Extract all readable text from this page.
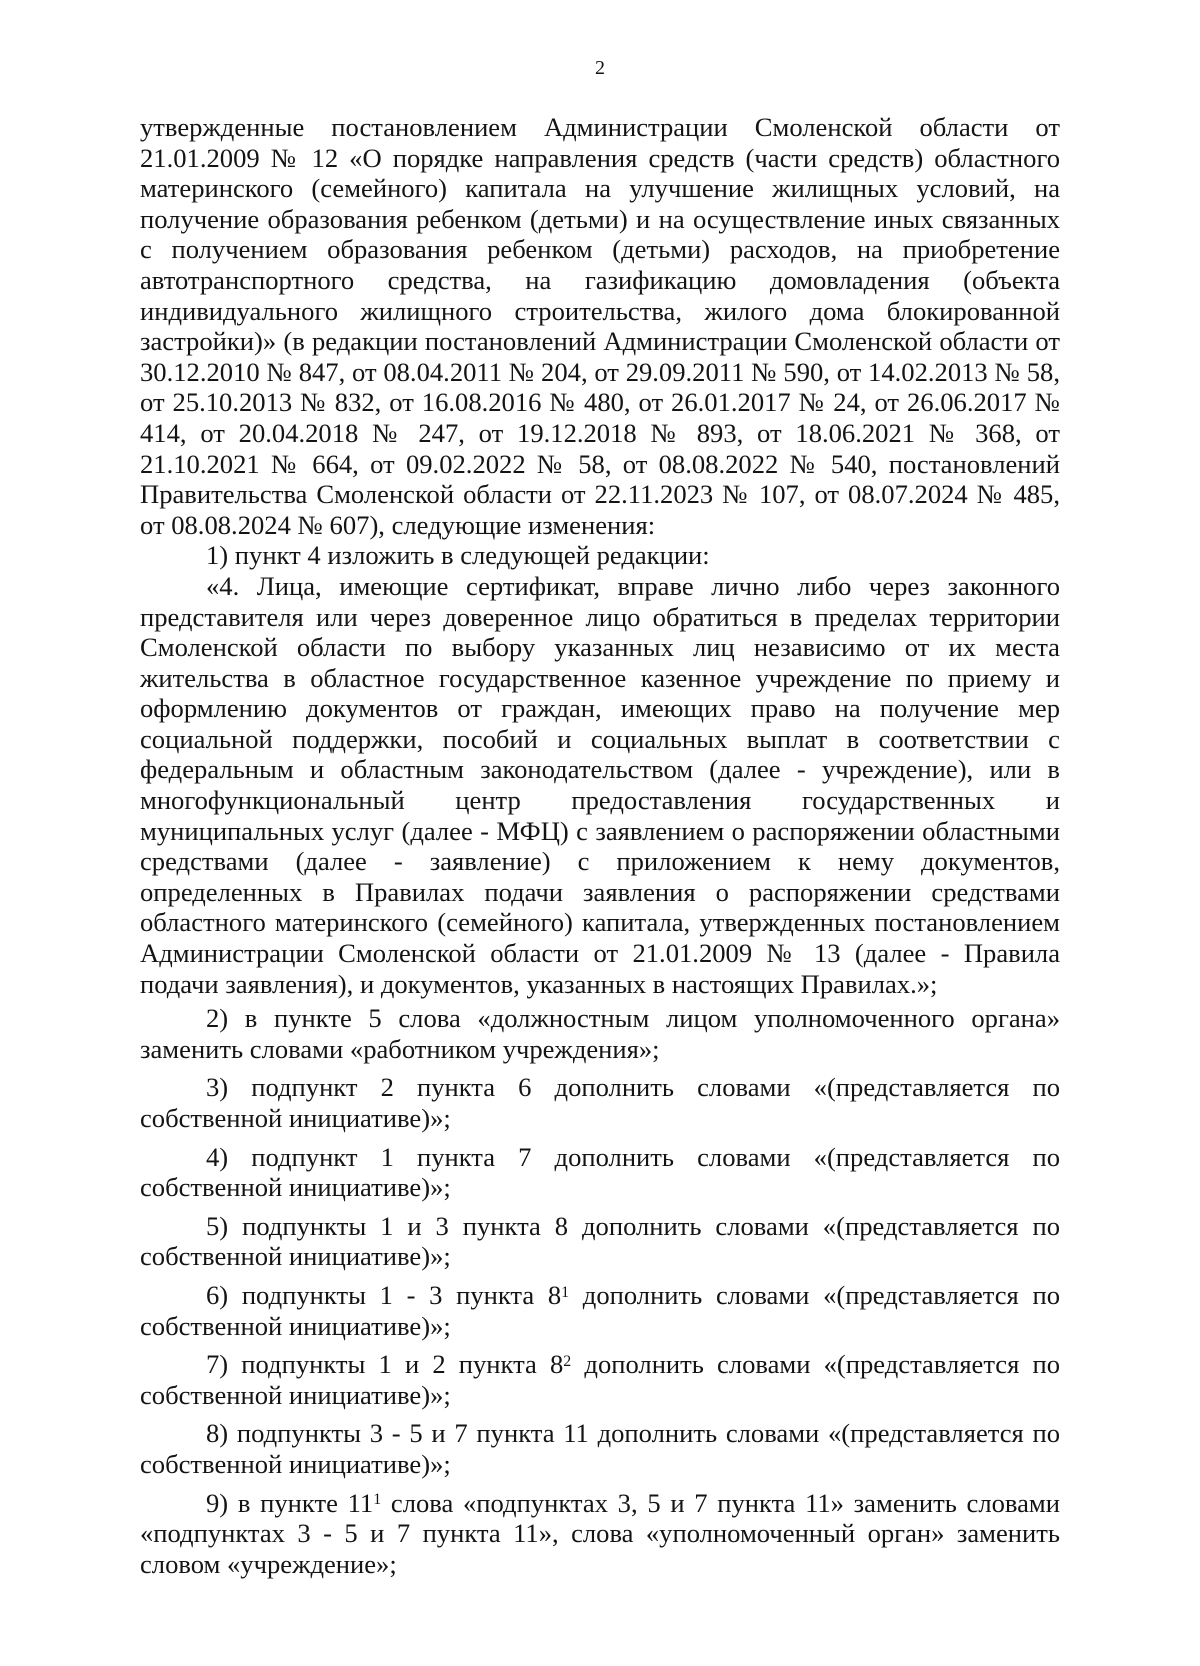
2

утвержденные постановлением Администрации Смоленской области от 21.01.2009 № 12 «О порядке направления средств (части средств) областного материнского (семейного) капитала на улучшение жилищных условий, на получение образования ребенком (детьми) и на осуществление иных связанных с получением образования ребенком (детьми) расходов, на приобретение автотранспортного средства, на газификацию домовладения (объекта индивидуального жилищного строительства, жилого дома блокированной застройки)» (в редакции постановлений Администрации Смоленской области от 30.12.2010 № 847, от 08.04.2011 № 204, от 29.09.2011 № 590, от 14.02.2013 № 58, от 25.10.2013 № 832, от 16.08.2016 № 480, от 26.01.2017 № 24, от 26.06.2017 № 414, от 20.04.2018 № 247, от 19.12.2018 № 893, от 18.06.2021 № 368, от 21.10.2021 № 664, от 09.02.2022 № 58, от 08.08.2022 № 540, постановлений Правительства Смоленской области от 22.11.2023 № 107, от 08.07.2024 № 485, от 08.08.2024 № 607), следующие изменения:

1) пункт 4 изложить в следующей редакции:

«4. Лица, имеющие сертификат, вправе лично либо через законного представителя или через доверенное лицо обратиться в пределах территории Смоленской области по выбору указанных лиц независимо от их места жительства в областное государственное казенное учреждение по приему и оформлению документов от граждан, имеющих право на получение мер социальной поддержки, пособий и социальных выплат в соответствии с федеральным и областным законодательством (далее - учреждение), или в многофункциональный центр предоставления государственных и муниципальных услуг (далее - МФЦ) с заявлением о распоряжении областными средствами (далее - заявление) с приложением к нему документов, определенных в Правилах подачи заявления о распоряжении средствами областного материнского (семейного) капитала, утвержденных постановлением Администрации Смоленской области от 21.01.2009 № 13 (далее - Правила подачи заявления), и документов, указанных в настоящих Правилах.»;

2) в пункте 5 слова «должностным лицом уполномоченного органа» заменить словами «работником учреждения»;

3) подпункт 2 пункта 6 дополнить словами «(представляется по собственной инициативе)»;

4) подпункт 1 пункта 7 дополнить словами «(представляется по собственной инициативе)»;

5) подпункты 1 и 3 пункта 8 дополнить словами «(представляется по собственной инициативе)»;

6) подпункты 1 - 3 пункта $8^1$ дополнить словами «(представляется по собственной инициативе)»;

7) подпункты 1 и 2 пункта $8^2$ дополнить словами «(представляется по собственной инициативе)»;

8) подпункты 3 - 5 и 7 пункта 11 дополнить словами «(представляется по собственной инициативе)»;

9) в пункте $11^1$ слова «подпунктах 3, 5 и 7 пункта 11» заменить словами «подпунктах 3 - 5 и 7 пункта 11», слова «уполномоченный орган» заменить словом «учреждение»;
